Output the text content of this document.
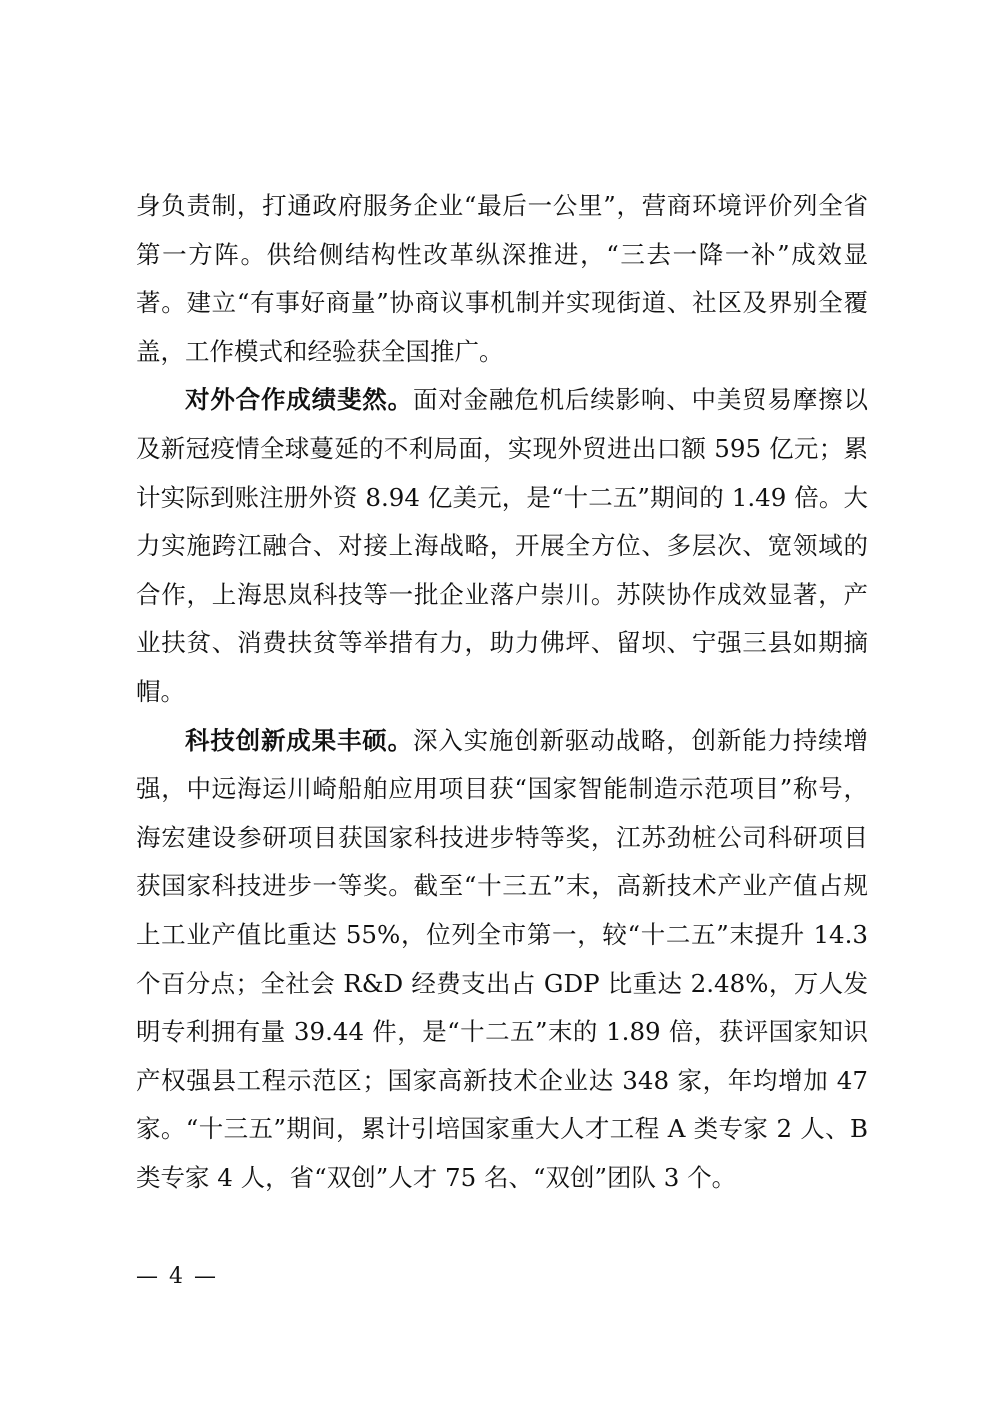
身负责制，打通政府服务企业“最后一公里”，营商环境评价列全省第一方阵。供给侧结构性改革纵深推进，“三去一降一补”成效显著。建立“有事好商量”协商议事机制并实现街道、社区及界别全覆盖，工作模式和经验获全国推广。

对外合作成绩斐然。面对金融危机后续影响、中美贸易摩擦以及新冠疫情全球蔓延的不利局面，实现外贸进出口额 595 亿元；累计实际到账注册外资 8.94 亿美元，是“十二五”期间的 1.49 倍。大力实施跨江融合、对接上海战略，开展全方位、多层次、宽领域的合作，上海思岚科技等一批企业落户崇川。苏陕协作成效显著，产业扶贫、消费扶贫等举措有力，助力佛坪、留坝、宁强三县如期摘帽。

科技创新成果丰硕。深入实施创新驱动战略，创新能力持续增强，中远海运川崎船舶应用项目获“国家智能制造示范项目”称号，海宏建设参研项目获国家科技进步特等奖，江苏劲桩公司科研项目获国家科技进步一等奖。截至“十三五”末，高新技术产业产值占规上工业产值比重达 55%，位列全市第一，较“十二五”末提升 14.3 个百分点；全社会 R&D 经费支出占 GDP 比重达 2.48%，万人发明专利拥有量 39.44 件，是“十二五”末的 1.89 倍，获评国家知识产权强县工程示范区；国家高新技术企业达 348 家，年均增加 47 家。“十三五”期间，累计引培国家重大人才工程 A 类专家 2 人、B 类专家 4 人，省“双创”人才 75 名、“双创”团队 3 个。

— 4 —
